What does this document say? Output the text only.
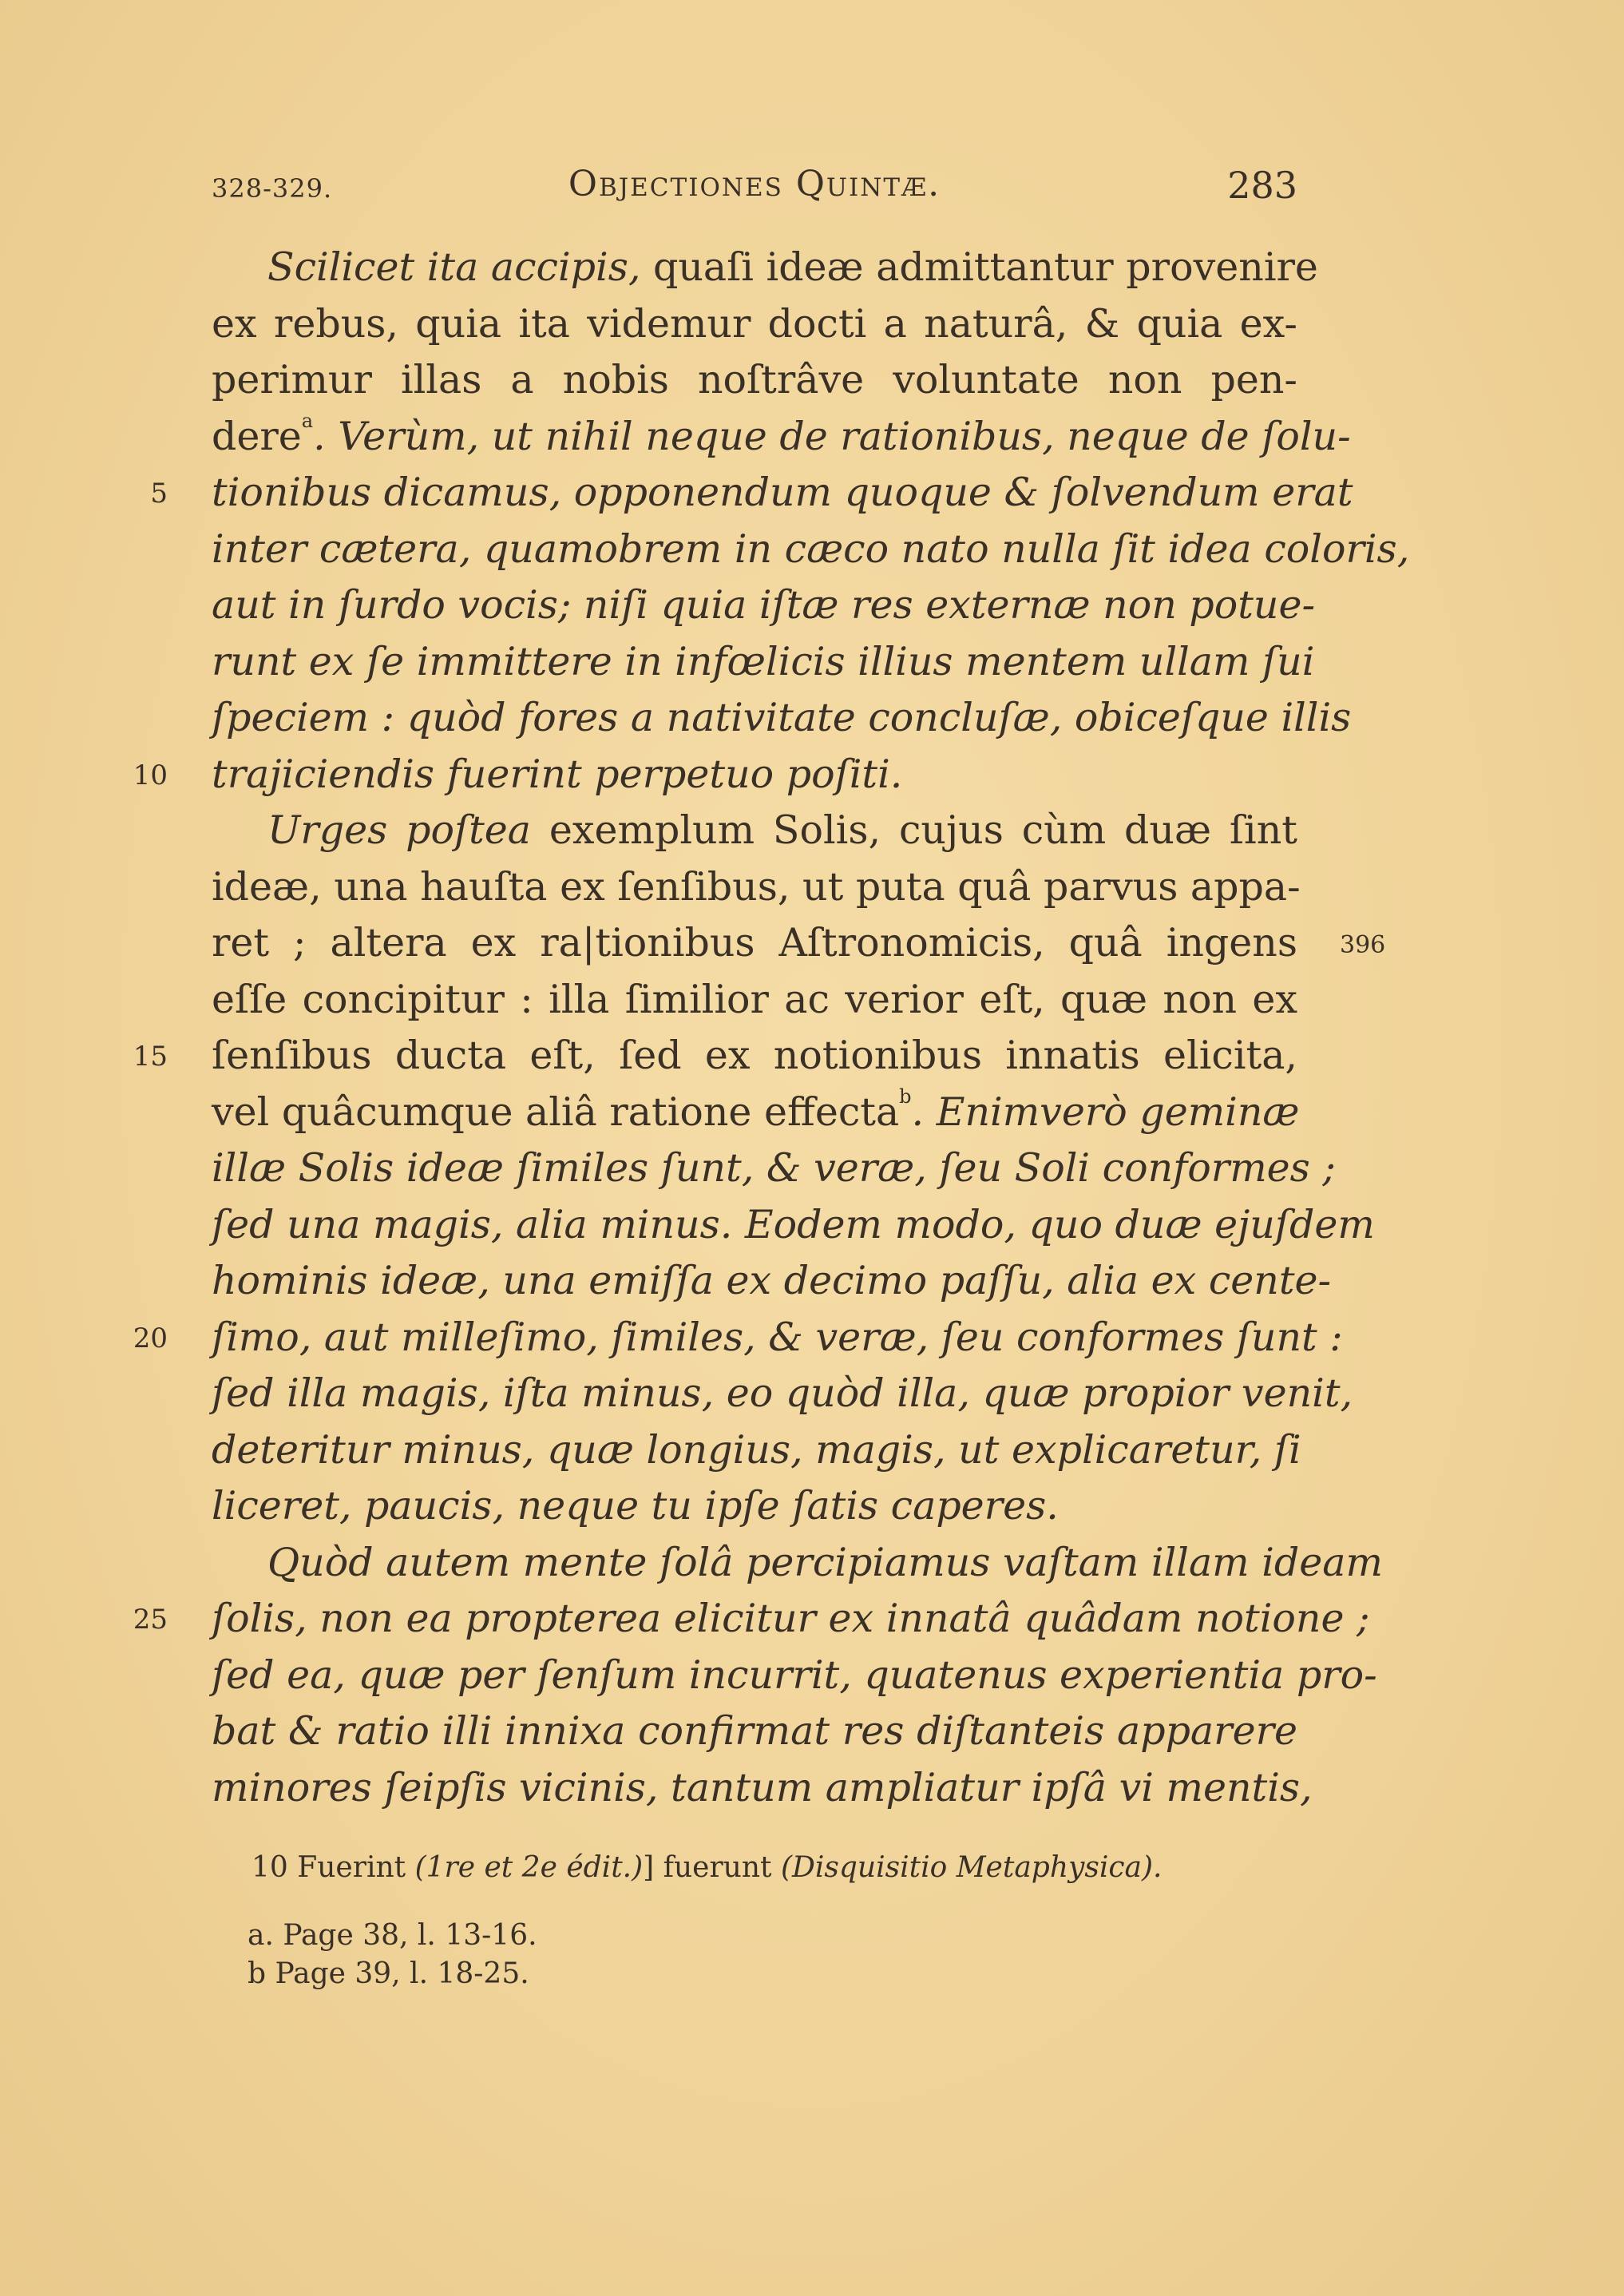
328-329.	Objectiones Quintæ.	283
Scilicet ita accipis, quaſi ideæ admittantur provenire
ex rebus, quia ita videmur docti a naturâ, & quia ex-
perimur illas a nobis noſtrâve voluntate non pen-
dere$^a$. Verùm, ut nihil neque de rationibus, neque de ſolu-
tionibus dicamus, opponendum quoque & ſolvendum erat
inter cætera, quamobrem in cæco nato nulla ſit idea coloris,
aut in ſurdo vocis; niſi quia iſtæ res externæ non potue-
runt ex ſe immittere in infœlicis illius mentem ullam ſui
ſpeciem : quòd fores a nativitate concluſæ, obiceſque illis
trajiciendis fuerint perpetuo poſiti.
Urges poſtea exemplum Solis, cujus cùm duæ ſint
ideæ, una hauſta ex ſenſibus, ut puta quâ parvus appa-
ret ; altera ex ra|tionibus Aſtronomicis, quâ ingens
eſſe concipitur : illa ſimilior ac verior eſt, quæ non ex
ſenſibus ducta eſt, ſed ex notionibus innatis elicita,
vel quâcumque aliâ ratione effecta$^b$. Enimverò geminæ
illæ Solis ideæ ſimiles ſunt, & veræ, ſeu Soli conformes ;
ſed una magis, alia minus. Eodem modo, quo duæ ejuſdem
hominis ideæ, una emiſſa ex decimo paſſu, alia ex cente-
ſimo, aut milleſimo, ſimiles, & veræ, ſeu conformes ſunt :
ſed illa magis, iſta minus, eo quòd illa, quæ propior venit,
deteritur minus, quæ longius, magis, ut explicaretur, ſi
liceret, paucis, neque tu ipſe ſatis caperes.
Quòd autem mente ſolâ percipiamus vaſtam illam ideam
ſolis, non ea propterea elicitur ex innatâ quâdam notione ;
ſed ea, quæ per ſenſum incurrit, quatenus experientia pro-
bat & ratio illi innixa confirmat res diſtanteis apparere
minores ſeipſis vicinis, tantum ampliatur ipſâ vi mentis,
5
10
15
20
25
396
10 Fuerint (1re et 2e édit.)] fuerunt (Disquisitio Metaphysica).
a. Page 38, l. 13-16.
b Page 39, l. 18-25.
